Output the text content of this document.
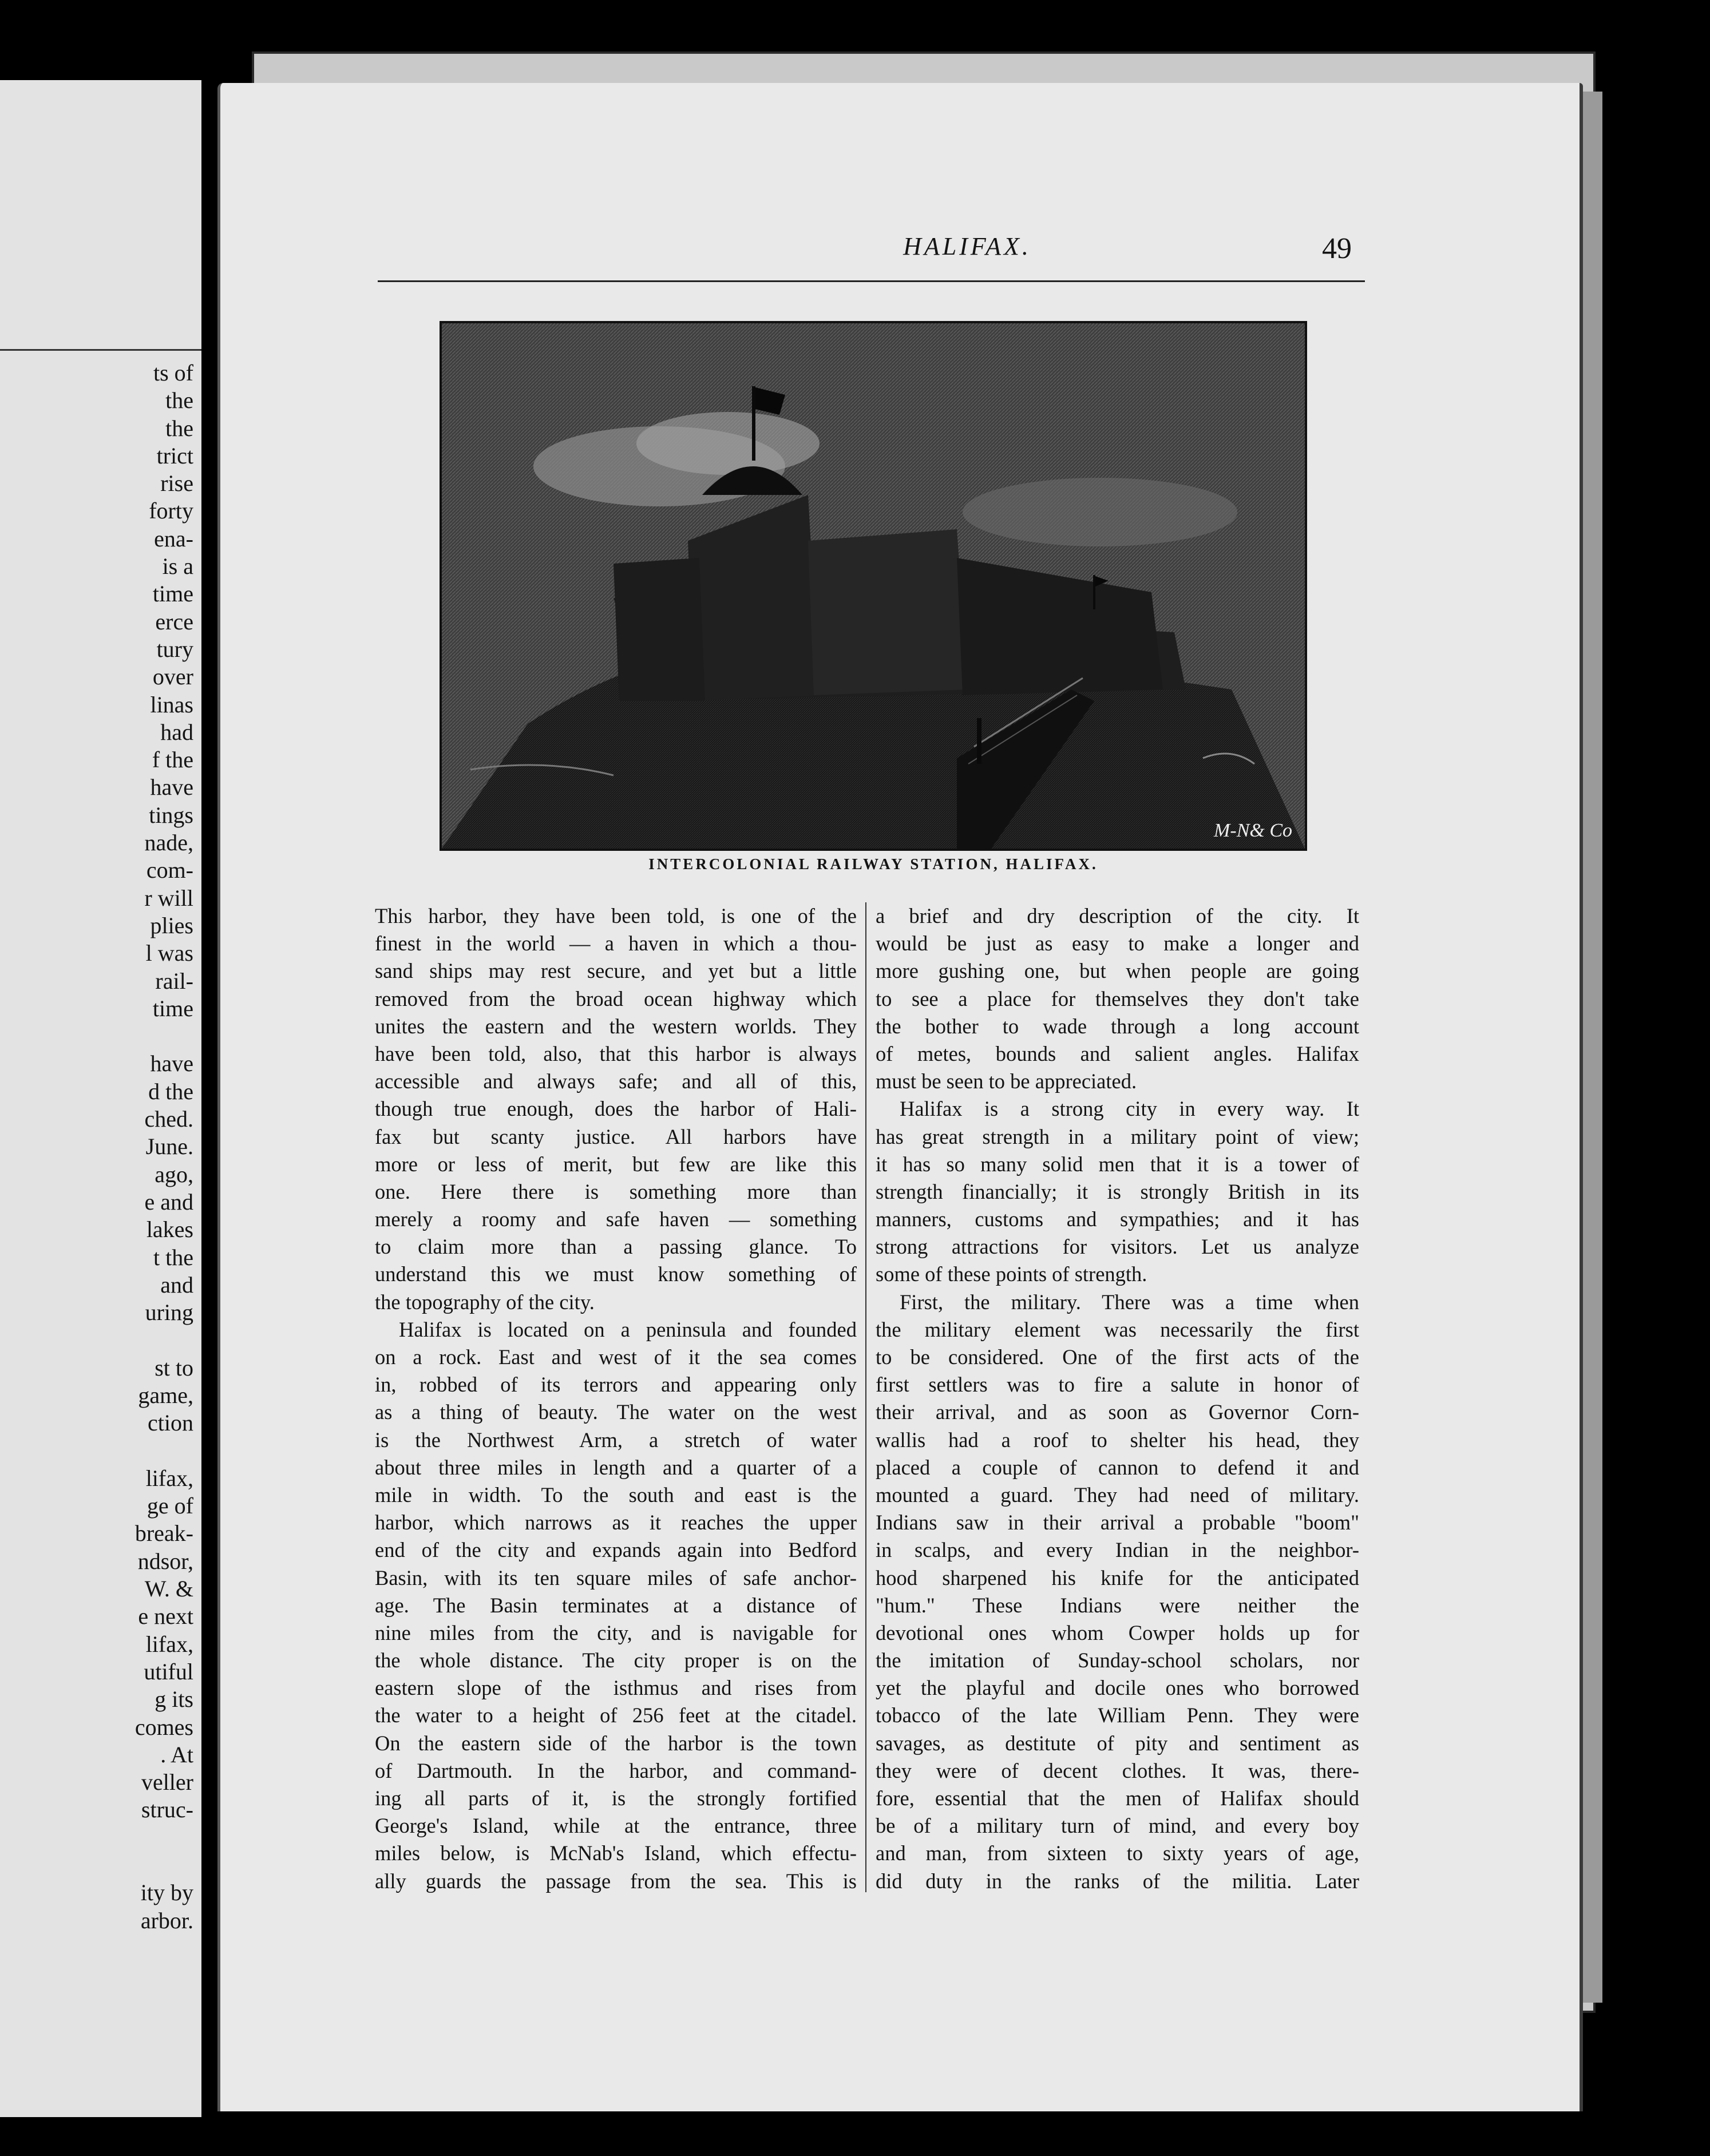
ts of
the
the
trict
rise
forty
ena-
is a
time
erce
tury
over
linas
had
f the
have
tings
nade,
com-
r will
plies
l was
rail-
time
have
d the
ched.
June.
ago,
e and
lakes
t the
and
uring
st to
game,
ction
lifax,
ge of
break-
ndsor,
W. &
e next
lifax,
utiful
g its
comes
. At
veller
struc-
ity by
arbor.
HALIFAX.	49
M-N& Co
INTERCOLONIAL RAILWAY STATION, HALIFAX.
This harbor, they have been told, is one of the
finest in the world — a haven in which a thou-
sand ships may rest secure, and yet but a little
removed from the broad ocean highway which
unites the eastern and the western worlds. They
have been told, also, that this harbor is always
accessible and always safe; and all of this,
though true enough, does the harbor of Hali-
fax but scanty justice. All harbors have
more or less of merit, but few are like this
one. Here there is something more than
merely a roomy and safe haven — something
to claim more than a passing glance. To
understand this we must know something of
the topography of the city.
Halifax is located on a peninsula and founded
on a rock. East and west of it the sea comes
in, robbed of its terrors and appearing only
as a thing of beauty. The water on the west
is the Northwest Arm, a stretch of water
about three miles in length and a quarter of a
mile in width. To the south and east is the
harbor, which narrows as it reaches the upper
end of the city and expands again into Bedford
Basin, with its ten square miles of safe anchor-
age. The Basin terminates at a distance of
nine miles from the city, and is navigable for
the whole distance. The city proper is on the
eastern slope of the isthmus and rises from
the water to a height of 256 feet at the citadel.
On the eastern side of the harbor is the town
of Dartmouth. In the harbor, and command-
ing all parts of it, is the strongly fortified
George's Island, while at the entrance, three
miles below, is McNab's Island, which effectu-
ally guards the passage from the sea. This is
a brief and dry description of the city. It
would be just as easy to make a longer and
more gushing one, but when people are going
to see a place for themselves they don't take
the bother to wade through a long account
of metes, bounds and salient angles. Halifax
must be seen to be appreciated.
Halifax is a strong city in every way. It
has great strength in a military point of view;
it has so many solid men that it is a tower of
strength financially; it is strongly British in its
manners, customs and sympathies; and it has
strong attractions for visitors. Let us analyze
some of these points of strength.
First, the military. There was a time when
the military element was necessarily the first
to be considered. One of the first acts of the
first settlers was to fire a salute in honor of
their arrival, and as soon as Governor Corn-
wallis had a roof to shelter his head, they
placed a couple of cannon to defend it and
mounted a guard. They had need of military.
Indians saw in their arrival a probable "boom"
in scalps, and every Indian in the neighbor-
hood sharpened his knife for the anticipated
"hum." These Indians were neither the
devotional ones whom Cowper holds up for
the imitation of Sunday-school scholars, nor
yet the playful and docile ones who borrowed
tobacco of the late William Penn. They were
savages, as destitute of pity and sentiment as
they were of decent clothes. It was, there-
fore, essential that the men of Halifax should
be of a military turn of mind, and every boy
and man, from sixteen to sixty years of age,
did duty in the ranks of the militia. Later
